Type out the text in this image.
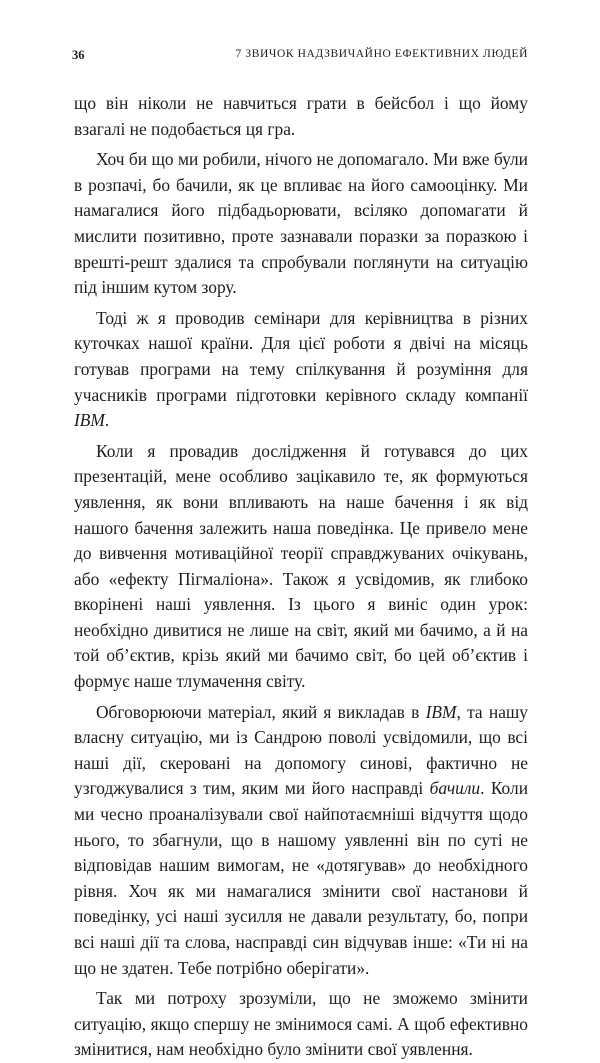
36	7 ЗВИЧОК НАДЗВИЧАЙНО ЕФЕКТИВНИХ ЛЮДЕЙ

що він ніколи не навчиться грати в бейсбол і що йому взагалі не подобається ця гра.

Хоч би що ми робили, нічого не допомагало. Ми вже були в розпачі, бо бачили, як це впливає на його самооцінку. Ми намагалися його підбадьорювати, всіляко допомагати й мислити позитивно, проте зазнавали поразки за поразкою і врешті-решт здалися та спробували поглянути на ситуацію під іншим кутом зору.

Тоді ж я проводив семінари для керівництва в різних куточках нашої країни. Для цієї роботи я двічі на місяць готував програми на тему спілкування й розуміння для учасників програми підготовки керівного складу компанії IBM.

Коли я провадив дослідження й готувався до цих презентацій, мене особливо зацікавило те, як формуються уявлення, як вони впливають на наше бачення і як від нашого бачення залежить наша поведінка. Це привело мене до вивчення мотиваційної теорії справджуваних очікувань, або «ефекту Пігмаліона». Також я усвідомив, як глибоко вкорінені наші уявлення. Із цього я виніс один урок: необхідно дивитися не лише на світ, який ми бачимо, а й на той об’єктив, крізь який ми бачимо світ, бо цей об’єктив і формує наше тлумачення світу.

Обговорюючи матеріал, який я викладав в IBM, та нашу власну ситуацію, ми із Сандрою поволі усвідомили, що всі наші дії, скеровані на допомогу синові, фактично не узгоджувалися з тим, яким ми його насправді бачили. Коли ми чесно проаналізували свої найпотаємніші відчуття щодо нього, то збагнули, що в нашому уявленні він по суті не відповідав нашим вимогам, не «дотягував» до необхідного рівня. Хоч як ми намагалися змінити свої настанови й поведінку, усі наші зусилля не давали результату, бо, попри всі наші дії та слова, насправді син відчував інше: «Ти ні на що не здатен. Тебе потрібно оберігати».

Так ми потроху зрозуміли, що не зможемо змінити ситуацію, якщо спершу не змінимося самі. А щоб ефективно змінитися, нам необхідно було змінити свої уявлення.
